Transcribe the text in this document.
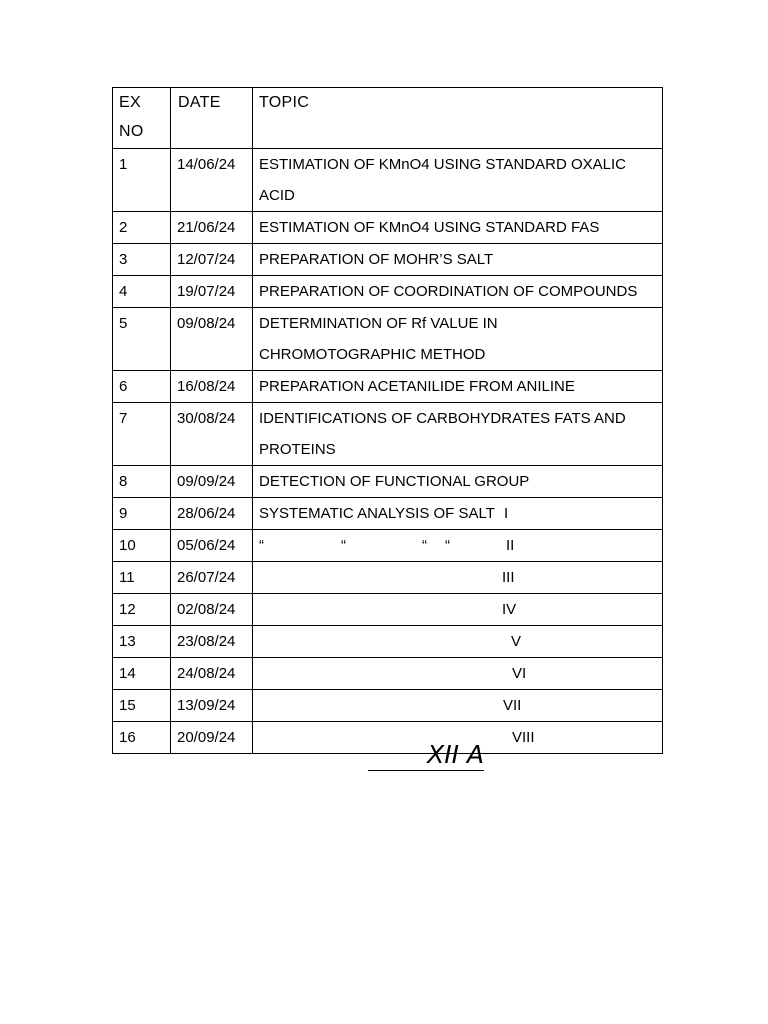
EX NO	DATE	TOPIC
1	14/06/24	ESTIMATION OF KMnO4 USING STANDARD OXALIC ACID
2	21/06/24	ESTIMATION OF KMnO4 USING STANDARD FAS
3	12/07/24	PREPARATION OF MOHR’S SALT
4	19/07/24	PREPARATION OF COORDINATION OF COMPOUNDS
5	09/08/24	DETERMINATION OF Rf VALUE IN CHROMOTOGRAPHIC METHOD
6	16/08/24	PREPARATION ACETANILIDE FROM ANILINE
7	30/08/24	IDENTIFICATIONS OF CARBOHYDRATES FATS AND PROTEINS
8	09/09/24	DETECTION OF FUNCTIONAL GROUP
9	28/06/24	SYSTEMATIC ANALYSIS OF SALT I

10	05/06/24	“ “ “ “ II

11	26/07/24	III

12	02/08/24	IV

13	23/08/24	V

14	24/08/24	VI

15	13/09/24	VII

16	20/09/24	VIII
XII A
